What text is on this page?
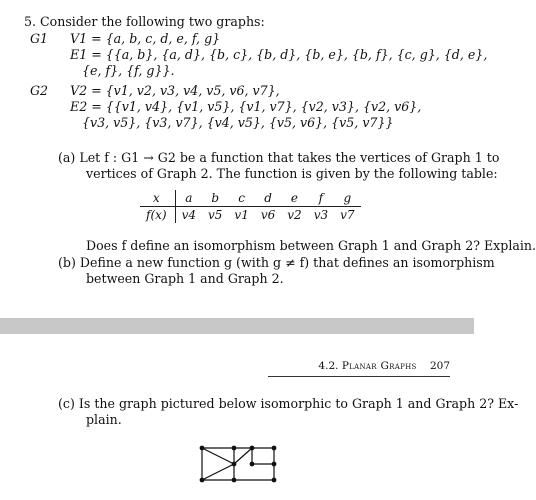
5. Consider the following two graphs:
G1 V1 = {a, b, c, d, e, f, g}
E1 = {{a, b}, {a, d}, {b, c}, {b, d}, {b, e}, {b, f}, {c, g}, {d, e},
{e, f}, {f, g}}.
G2 V2 = {v1, v2, v3, v4, v5, v6, v7},
E2 = {{v1, v4}, {v1, v5}, {v1, v7}, {v2, v3}, {v2, v6},
{v3, v5}, {v3, v7}, {v4, v5}, {v5, v6}, {v5, v7}}
(a) Let f : G1 → G2 be a function that takes the vertices of Graph 1 to
vertices of Graph 2. The function is given by the following table:
x	a	b	c	d	e	f	g
f(x)	v4	v5	v1	v6	v2	v3	v7
Does f define an isomorphism between Graph 1 and Graph 2? Explain.
(b) Define a new function g (with g ≠ f) that defines an isomorphism
between Graph 1 and Graph 2.
4.2. Planar Graphs 207
(c) Is the graph pictured below isomorphic to Graph 1 and Graph 2? Ex-
plain.
